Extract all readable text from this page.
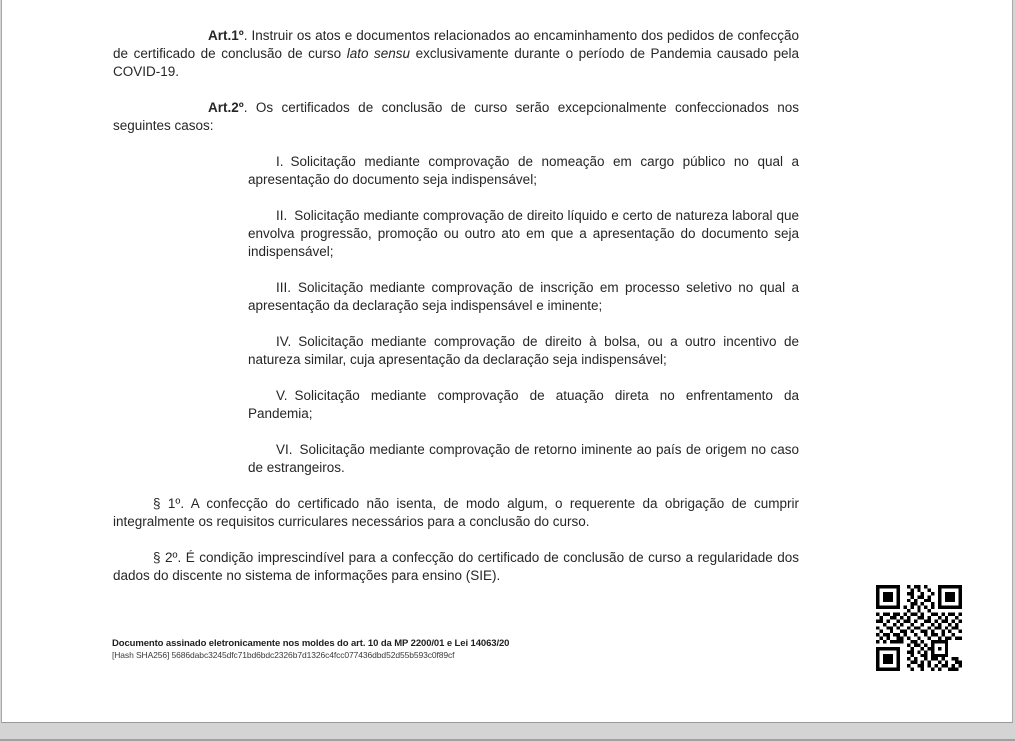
Art.1º. Instruir os atos e documentos relacionados ao encaminhamento dos pedidos de confecção de certificado de conclusão de curso lato sensu exclusivamente durante o período de Pandemia causado pela COVID-19.

Art.2º. Os certificados de conclusão de curso serão excepcionalmente confeccionados nos seguintes casos:

I. Solicitação mediante comprovação de nomeação em cargo público no qual a apresentação do documento seja indispensável;

II. Solicitação mediante comprovação de direito líquido e certo de natureza laboral que envolva progressão, promoção ou outro ato em que a apresentação do documento seja indispensável;

III. Solicitação mediante comprovação de inscrição em processo seletivo no qual a apresentação da declaração seja indispensável e iminente;

IV. Solicitação mediante comprovação de direito à bolsa, ou a outro incentivo de natureza similar, cuja apresentação da declaração seja indispensável;

V. Solicitação mediante comprovação de atuação direta no enfrentamento da Pandemia;

VI. Solicitação mediante comprovação de retorno iminente ao país de origem no caso de estrangeiros.

§ 1º. A confecção do certificado não isenta, de modo algum, o requerente da obrigação de cumprir integralmente os requisitos curriculares necessários para a conclusão do curso.

§ 2º. É condição imprescindível para a confecção do certificado de conclusão de curso a regularidade dos dados do discente no sistema de informações para ensino (SIE).

Documento assinado eletronicamente nos moldes do art. 10 da MP 2200/01 e Lei 14063/20
[Hash SHA256] 5686dabc3245dfc71bd6bdc2326b7d1326c4fcc077436dbd52d55b593c0f89cf
